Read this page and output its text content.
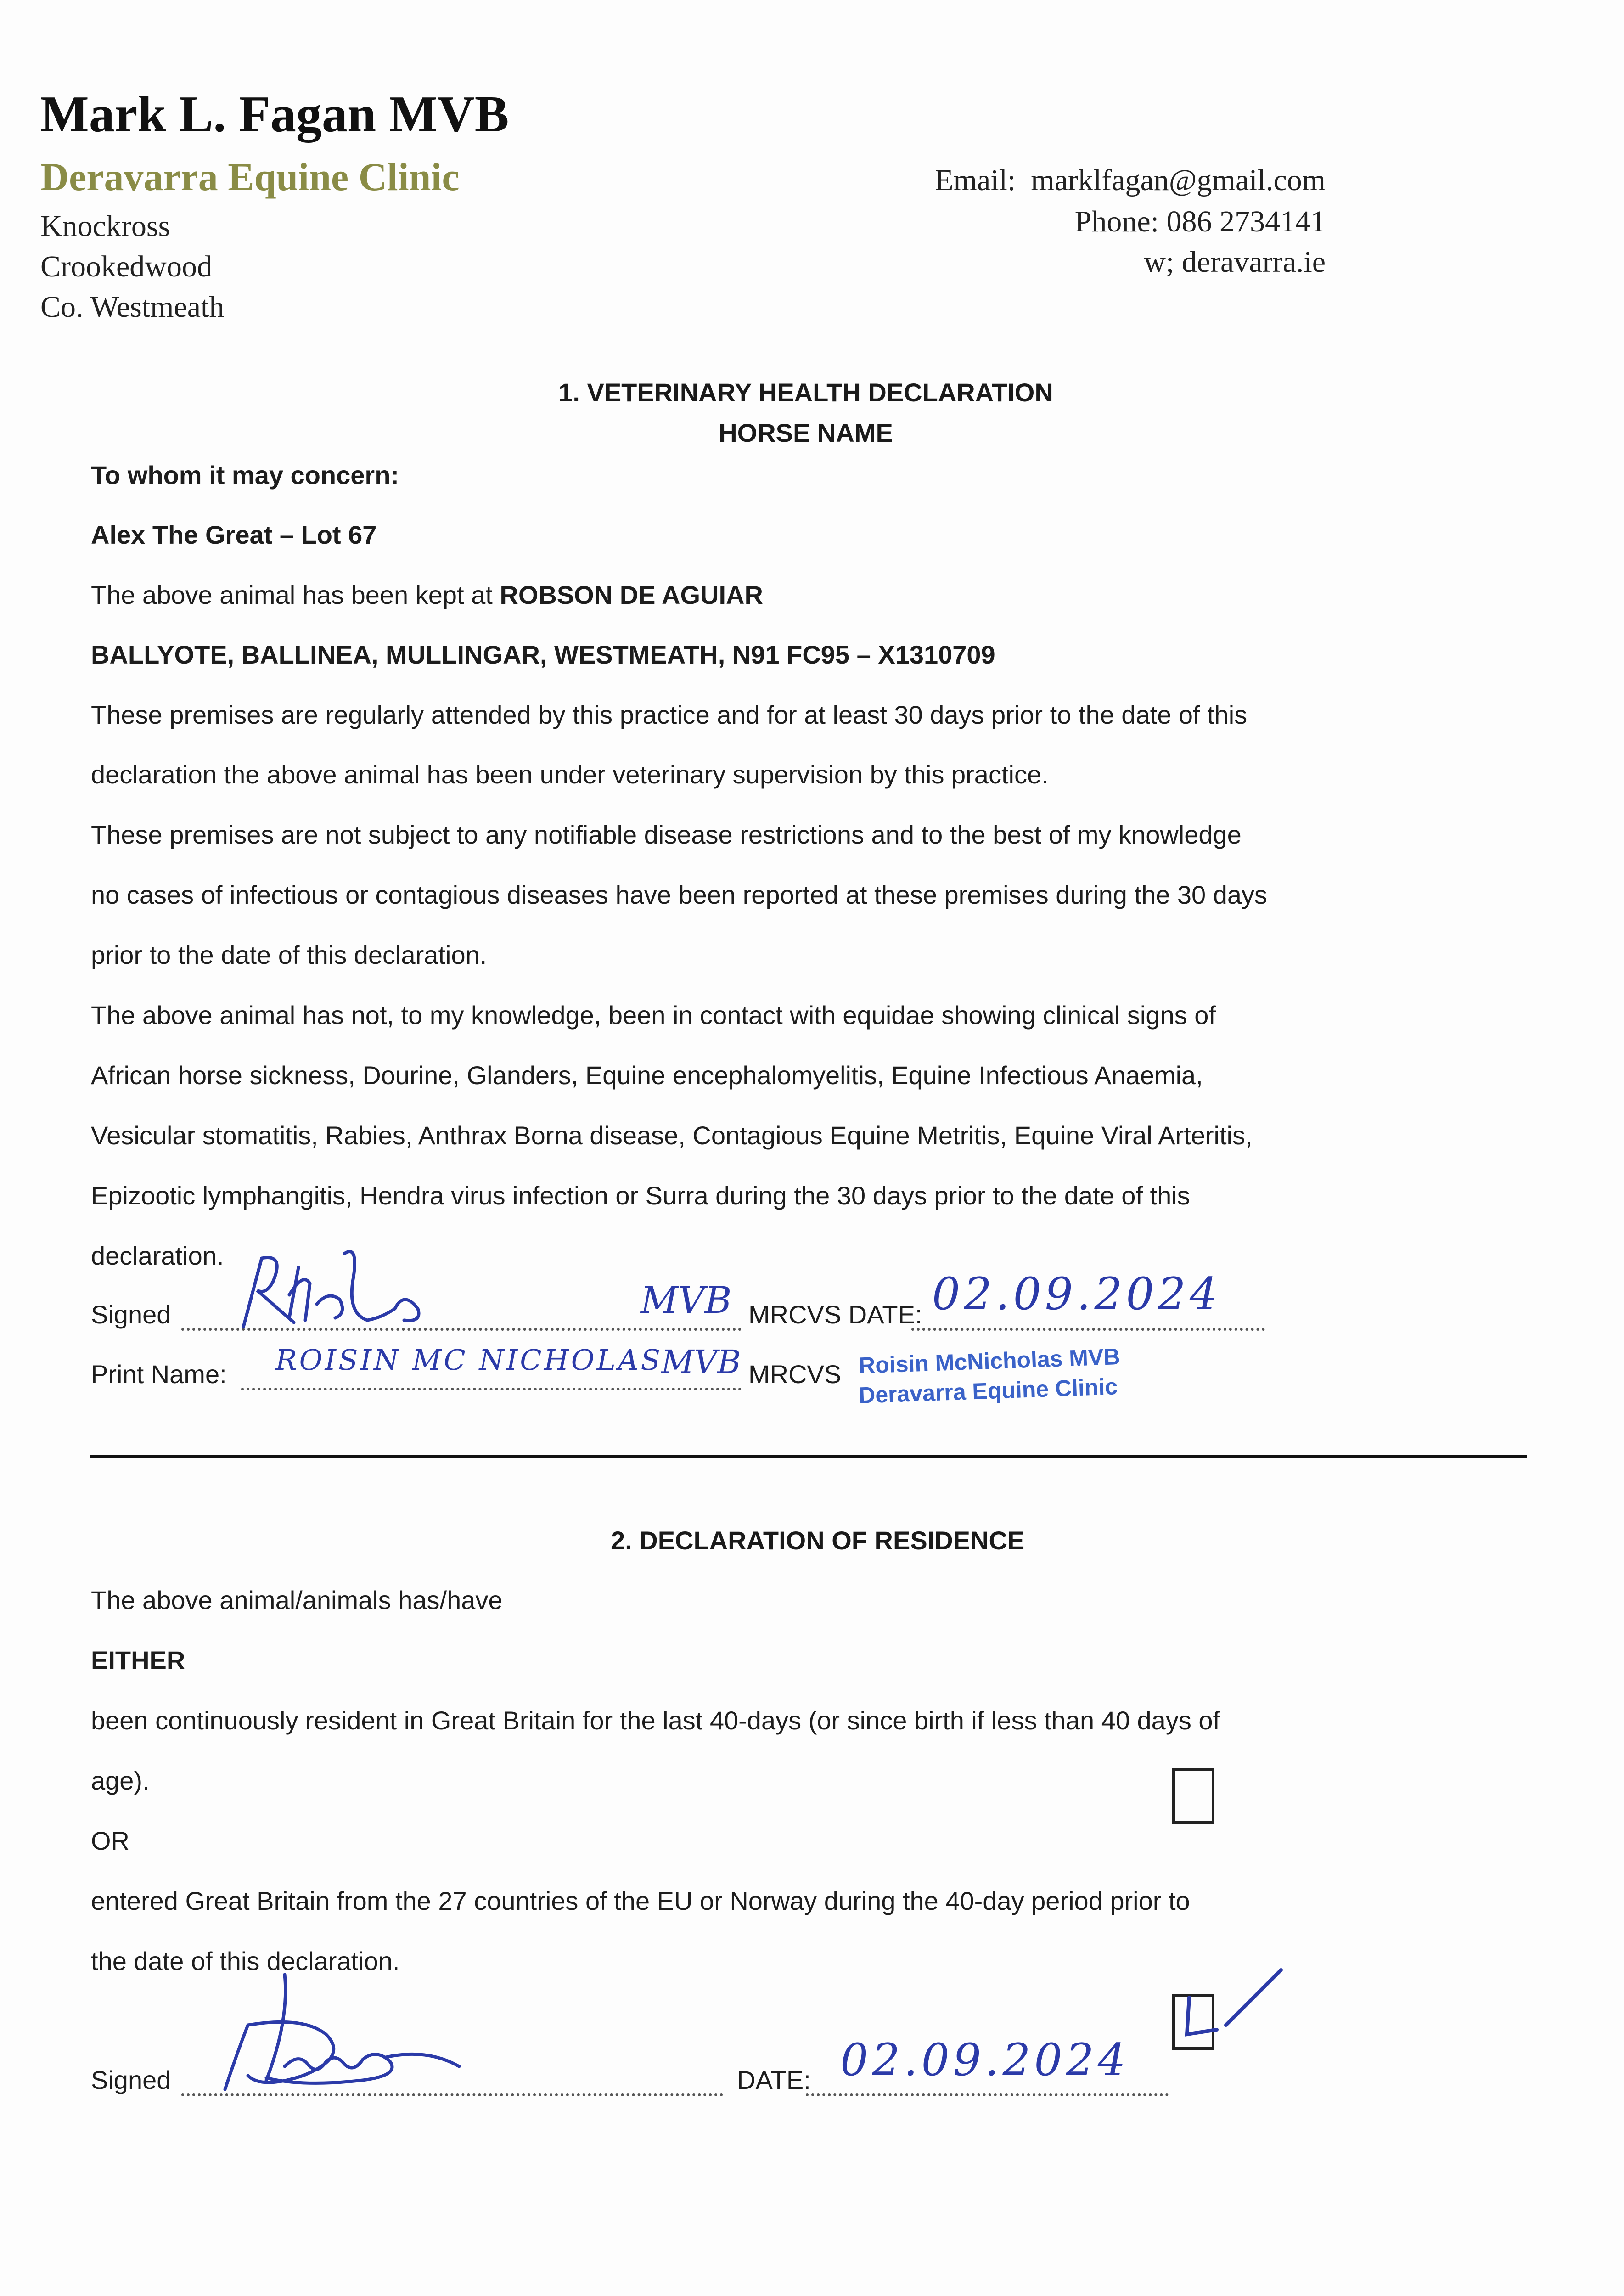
Mark L. Fagan MVB
Deravarra Equine Clinic
Knockross
Crookedwood
Co. Westmeath
Email: marklfagan@gmail.com
Phone: 086 2734141
w; deravarra.ie
1. VETERINARY HEALTH DECLARATION
HORSE NAME
To whom it may concern:
Alex The Great – Lot 67
The above animal has been kept at ROBSON DE AGUIAR
BALLYOTE, BALLINEA, MULLINGAR, WESTMEATH, N91 FC95 – X1310709
These premises are regularly attended by this practice and for at least 30 days prior to the date of this
declaration the above animal has been under veterinary supervision by this practice.
These premises are not subject to any notifiable disease restrictions and to the best of my knowledge
no cases of infectious or contagious diseases have been reported at these premises during the 30 days
prior to the date of this declaration.
The above animal has not, to my knowledge, been in contact with equidae showing clinical signs of
African horse sickness, Dourine, Glanders, Equine encephalomyelitis, Equine Infectious Anaemia,
Vesicular stomatitis, Rabies, Anthrax Borna disease, Contagious Equine Metritis, Equine Viral Arteritis,
Epizootic lymphangitis, Hendra virus infection or Surra during the 30 days prior to the date of this
declaration.
Signed	MVB MRCVS DATE: 02.09.2024
Print Name: ROISIN MC NICHOLAS
MVB MRCVS Roisin McNicholas MVB
Deravarra Equine Clinic
2. DECLARATION OF RESIDENCE
The above animal/animals has/have
EITHER
been continuously resident in Great Britain for the last 40-days (or since birth if less than 40 days of
age).
OR
entered Great Britain from the 27 countries of the EU or Norway during the 40-day period prior to
the date of this declaration.
Signed	DATE: 02.09.2024
